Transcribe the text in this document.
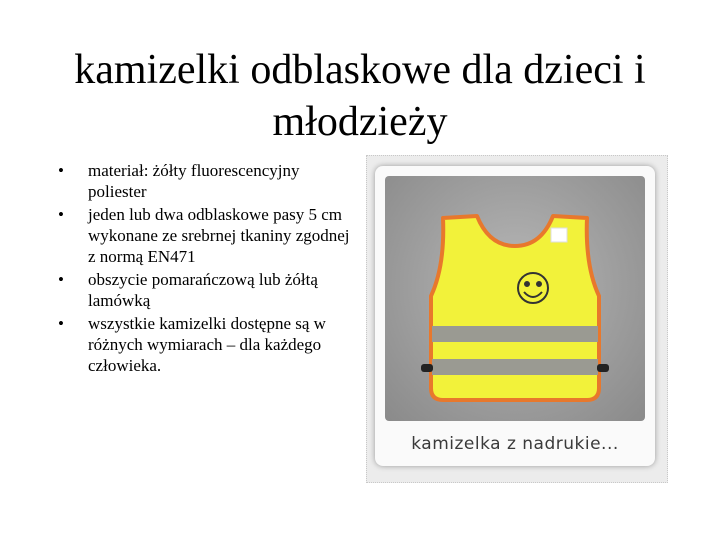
kamizelki odblaskowe dla dzieci i młodzieży
•	materiał: żółty fluorescencyjny poliester
•	jeden lub dwa odblaskowe pasy 5 cm wykonane ze srebrnej tkaniny zgodnej z normą EN471
•	obszycie pomarańczową lub żółtą lamówką
•	wszystkie kamizelki dostępne są w różnych wymiarach – dla każdego człowieka.
kamizelka z nadrukie...
